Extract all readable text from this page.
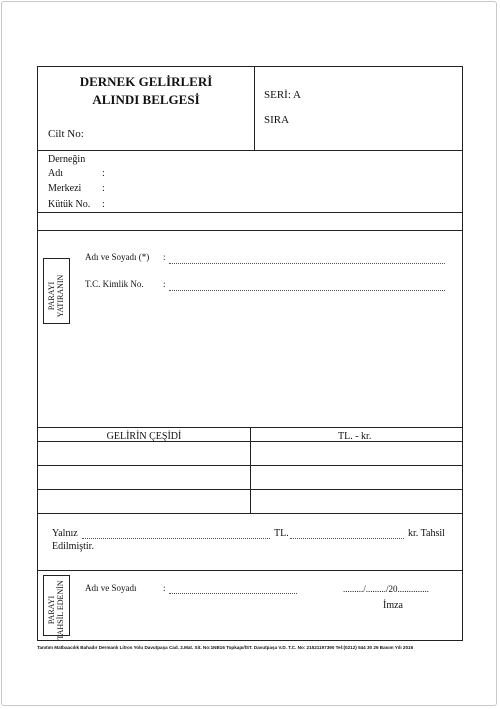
DERNEK GELİRLERİ
ALINDI BELGESİ
Cilt No:
SERİ: A
SIRA
Derneğin
Adı	:
Merkezi :
Kütük No. :
PARAYI YATIRANIN
Adı ve Soyadı (*) :
T.C. Kimlik No. :
GELİRİN ÇEŞİDİ	TL. - kr.
Yalnız	TL.	kr. Tahsil
Edilmiştir.
PARAYI TAHSİL EDENİN Adı ve Soyadı	:	........./........./20..............
İmza
Tanıtım Matbaacılık Bahadır Dermanlı Litros Yolu Davutpaşa Cad. 2.Mat. Sit. No:1NB16 Topkapı/İST. Davutpaşa V.D. T.C. No: 21521197390 Tel:(0212) 544 30 26 Basım Yılı 2016
